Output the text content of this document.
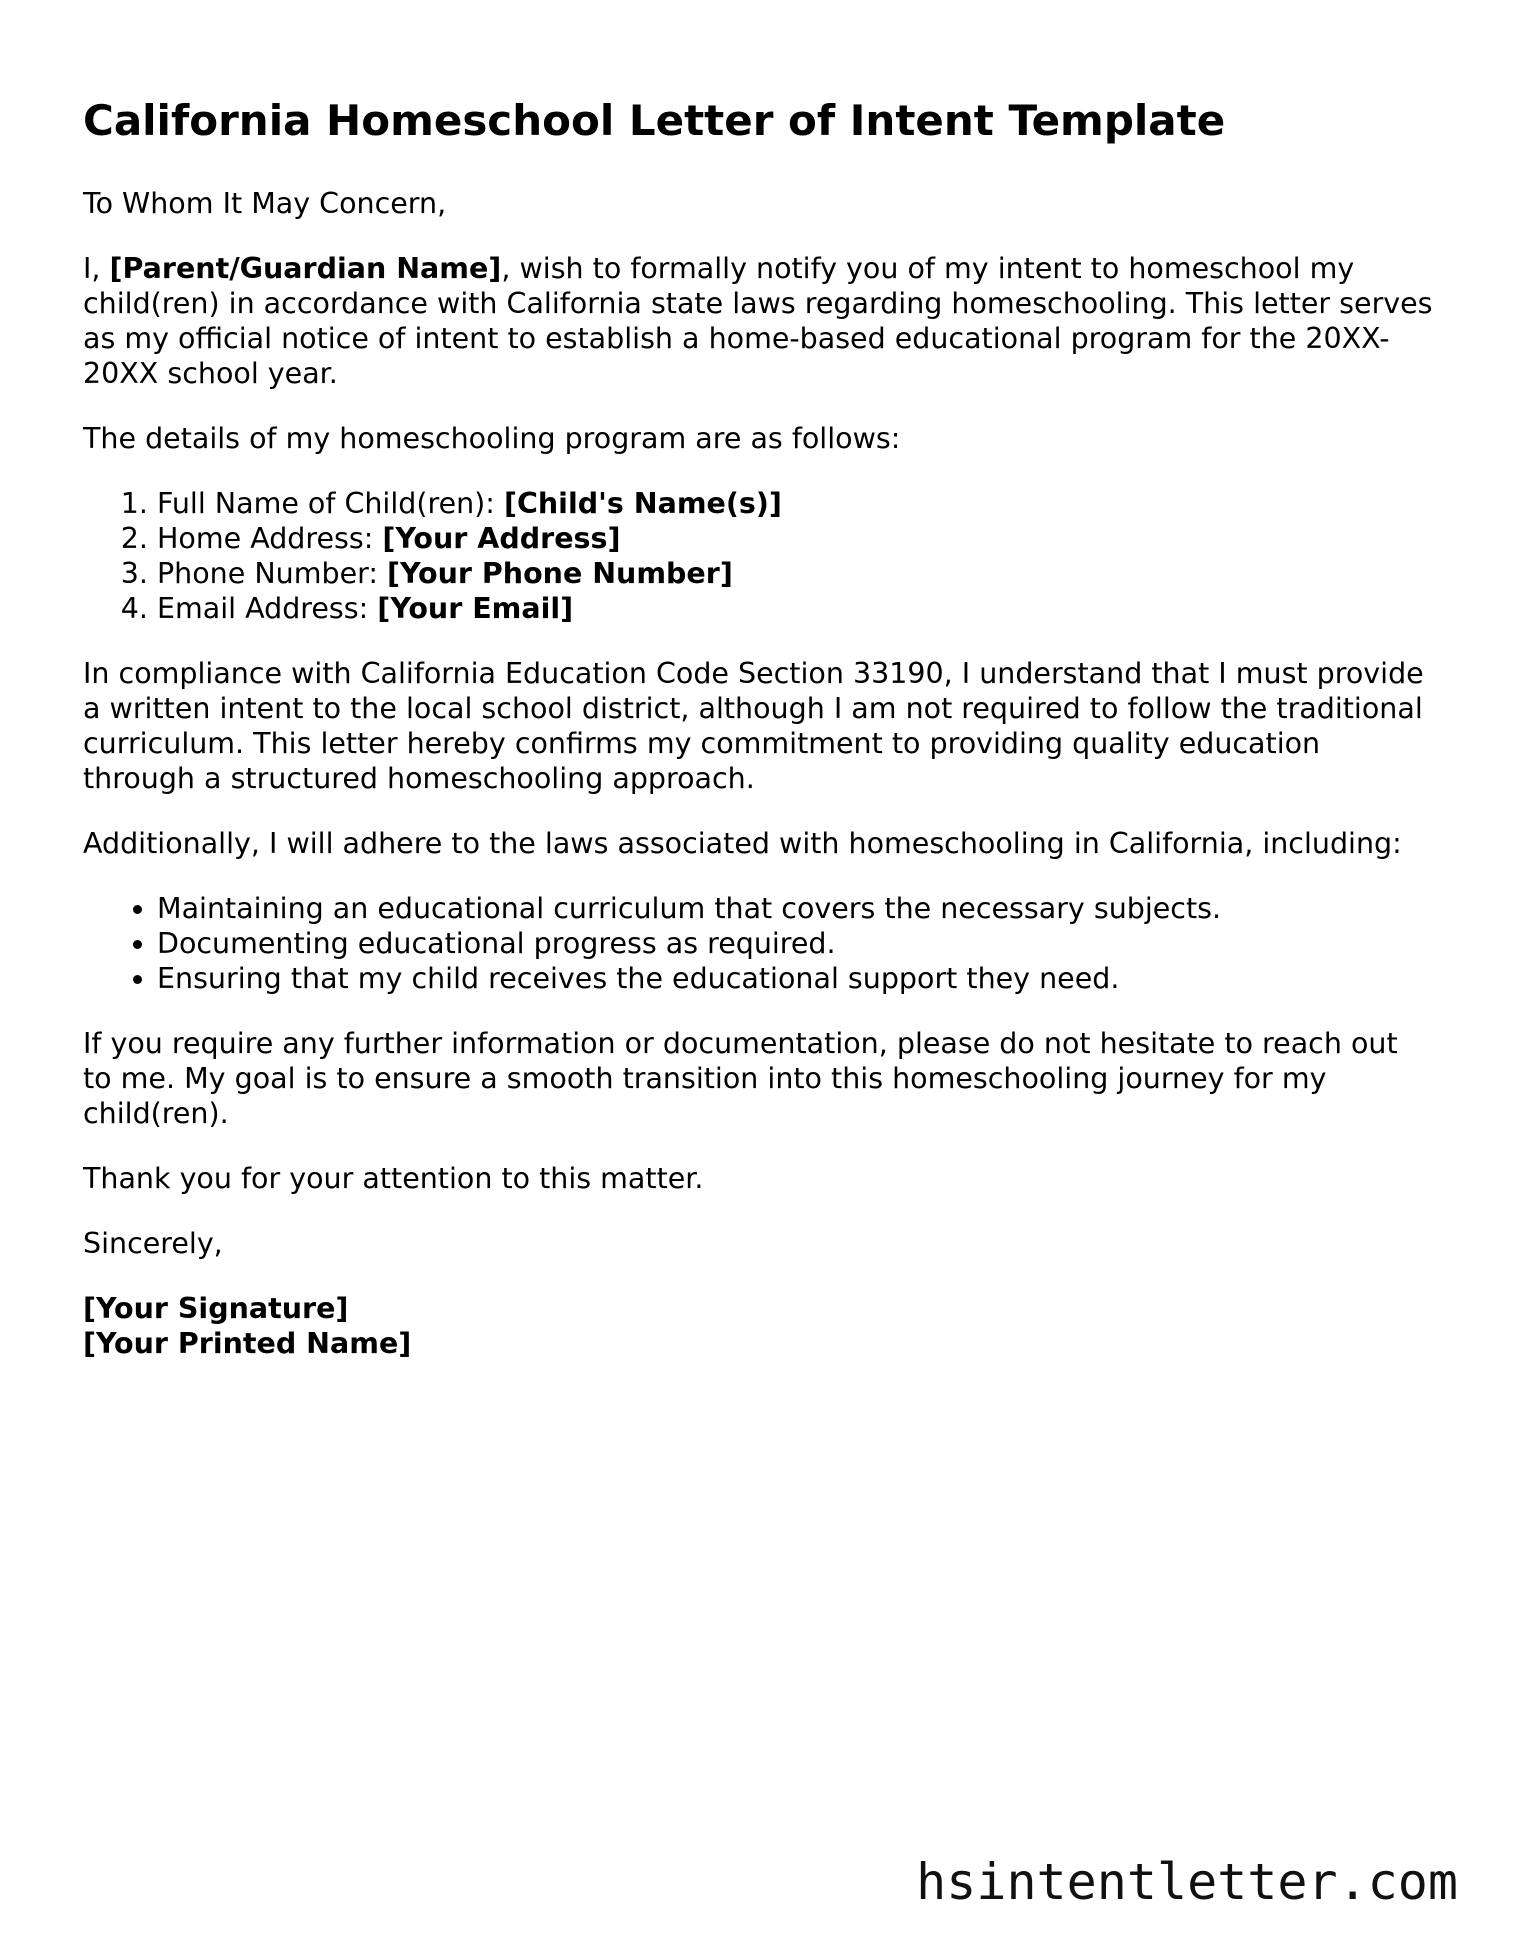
California Homeschool Letter of Intent Template

To Whom It May Concern,

I, [Parent/Guardian Name], wish to formally notify you of my intent to homeschool my child(ren) in accordance with California state laws regarding homeschooling. This letter serves as my official notice of intent to establish a home-based educational program for the 20XX-20XX school year.

The details of my homeschooling program are as follows:

1. Full Name of Child(ren): [Child's Name(s)]
2. Home Address: [Your Address]
3. Phone Number: [Your Phone Number]
4. Email Address: [Your Email]

In compliance with California Education Code Section 33190, I understand that I must provide a written intent to the local school district, although I am not required to follow the traditional curriculum. This letter hereby confirms my commitment to providing quality education through a structured homeschooling approach.

Additionally, I will adhere to the laws associated with homeschooling in California, including:

• Maintaining an educational curriculum that covers the necessary subjects.
• Documenting educational progress as required.
• Ensuring that my child receives the educational support they need.

If you require any further information or documentation, please do not hesitate to reach out to me. My goal is to ensure a smooth transition into this homeschooling journey for my child(ren).

Thank you for your attention to this matter.

Sincerely,

[Your Signature]
[Your Printed Name]

hsintentletter.com
